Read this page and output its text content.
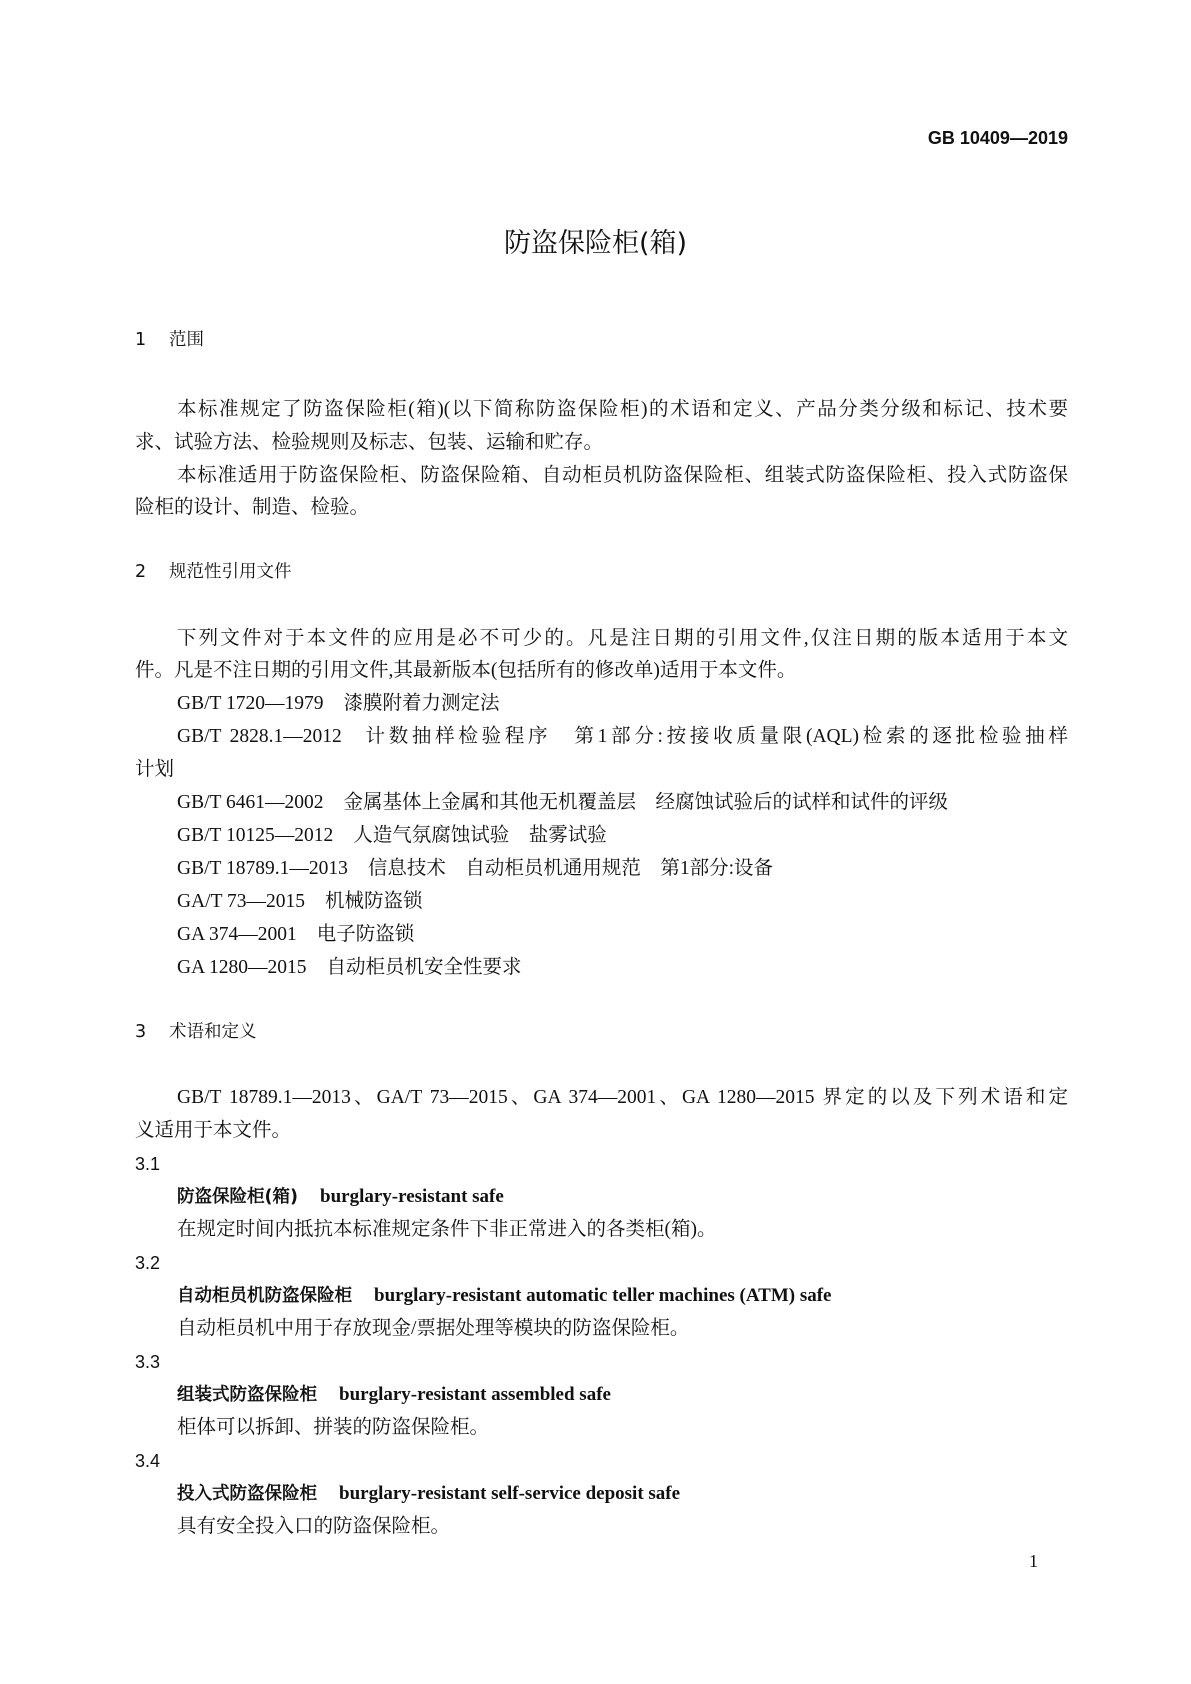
GB 10409—2019
防盗保险柜(箱)
1 范围
本标准规定了防盗保险柜(箱)(以下简称防盗保险柜)的术语和定义、产品分类分级和标记、技术要
求、试验方法、检验规则及标志、包装、运输和贮存。
本标准适用于防盗保险柜、防盗保险箱、自动柜员机防盗保险柜、组装式防盗保险柜、投入式防盗保
险柜的设计、制造、检验。
2 规范性引用文件
下列文件对于本文件的应用是必不可少的。凡是注日期的引用文件,仅注日期的版本适用于本文
件。凡是不注日期的引用文件,其最新版本(包括所有的修改单)适用于本文件。
GB/T 1720—1979 漆膜附着力测定法
GB/T 2828.1—2012 计数抽样检验程序　第1部分:按接收质量限(AQL)检索的逐批检验抽样
计划
GB/T 6461—2002 金属基体上金属和其他无机覆盖层　经腐蚀试验后的试样和试件的评级
GB/T 10125—2012 人造气氛腐蚀试验　盐雾试验
GB/T 18789.1—2013 信息技术　自动柜员机通用规范　第1部分:设备
GA/T 73—2015 机械防盗锁
GA 374—2001 电子防盗锁
GA 1280—2015 自动柜员机安全性要求
3 术语和定义
GB/T 18789.1—2013、GA/T 73—2015、GA 374—2001、GA 1280—2015 界定的以及下列术语和定
义适用于本文件。
3.1
防盗保险柜(箱) burglary-resistant safe
在规定时间内抵抗本标准规定条件下非正常进入的各类柜(箱)。
3.2
自动柜员机防盗保险柜 burglary-resistant automatic teller machines (ATM) safe
自动柜员机中用于存放现金/票据处理等模块的防盗保险柜。
3.3
组装式防盗保险柜 burglary-resistant assembled safe
柜体可以拆卸、拼装的防盗保险柜。
3.4
投入式防盗保险柜 burglary-resistant self-service deposit safe
具有安全投入口的防盗保险柜。
1
